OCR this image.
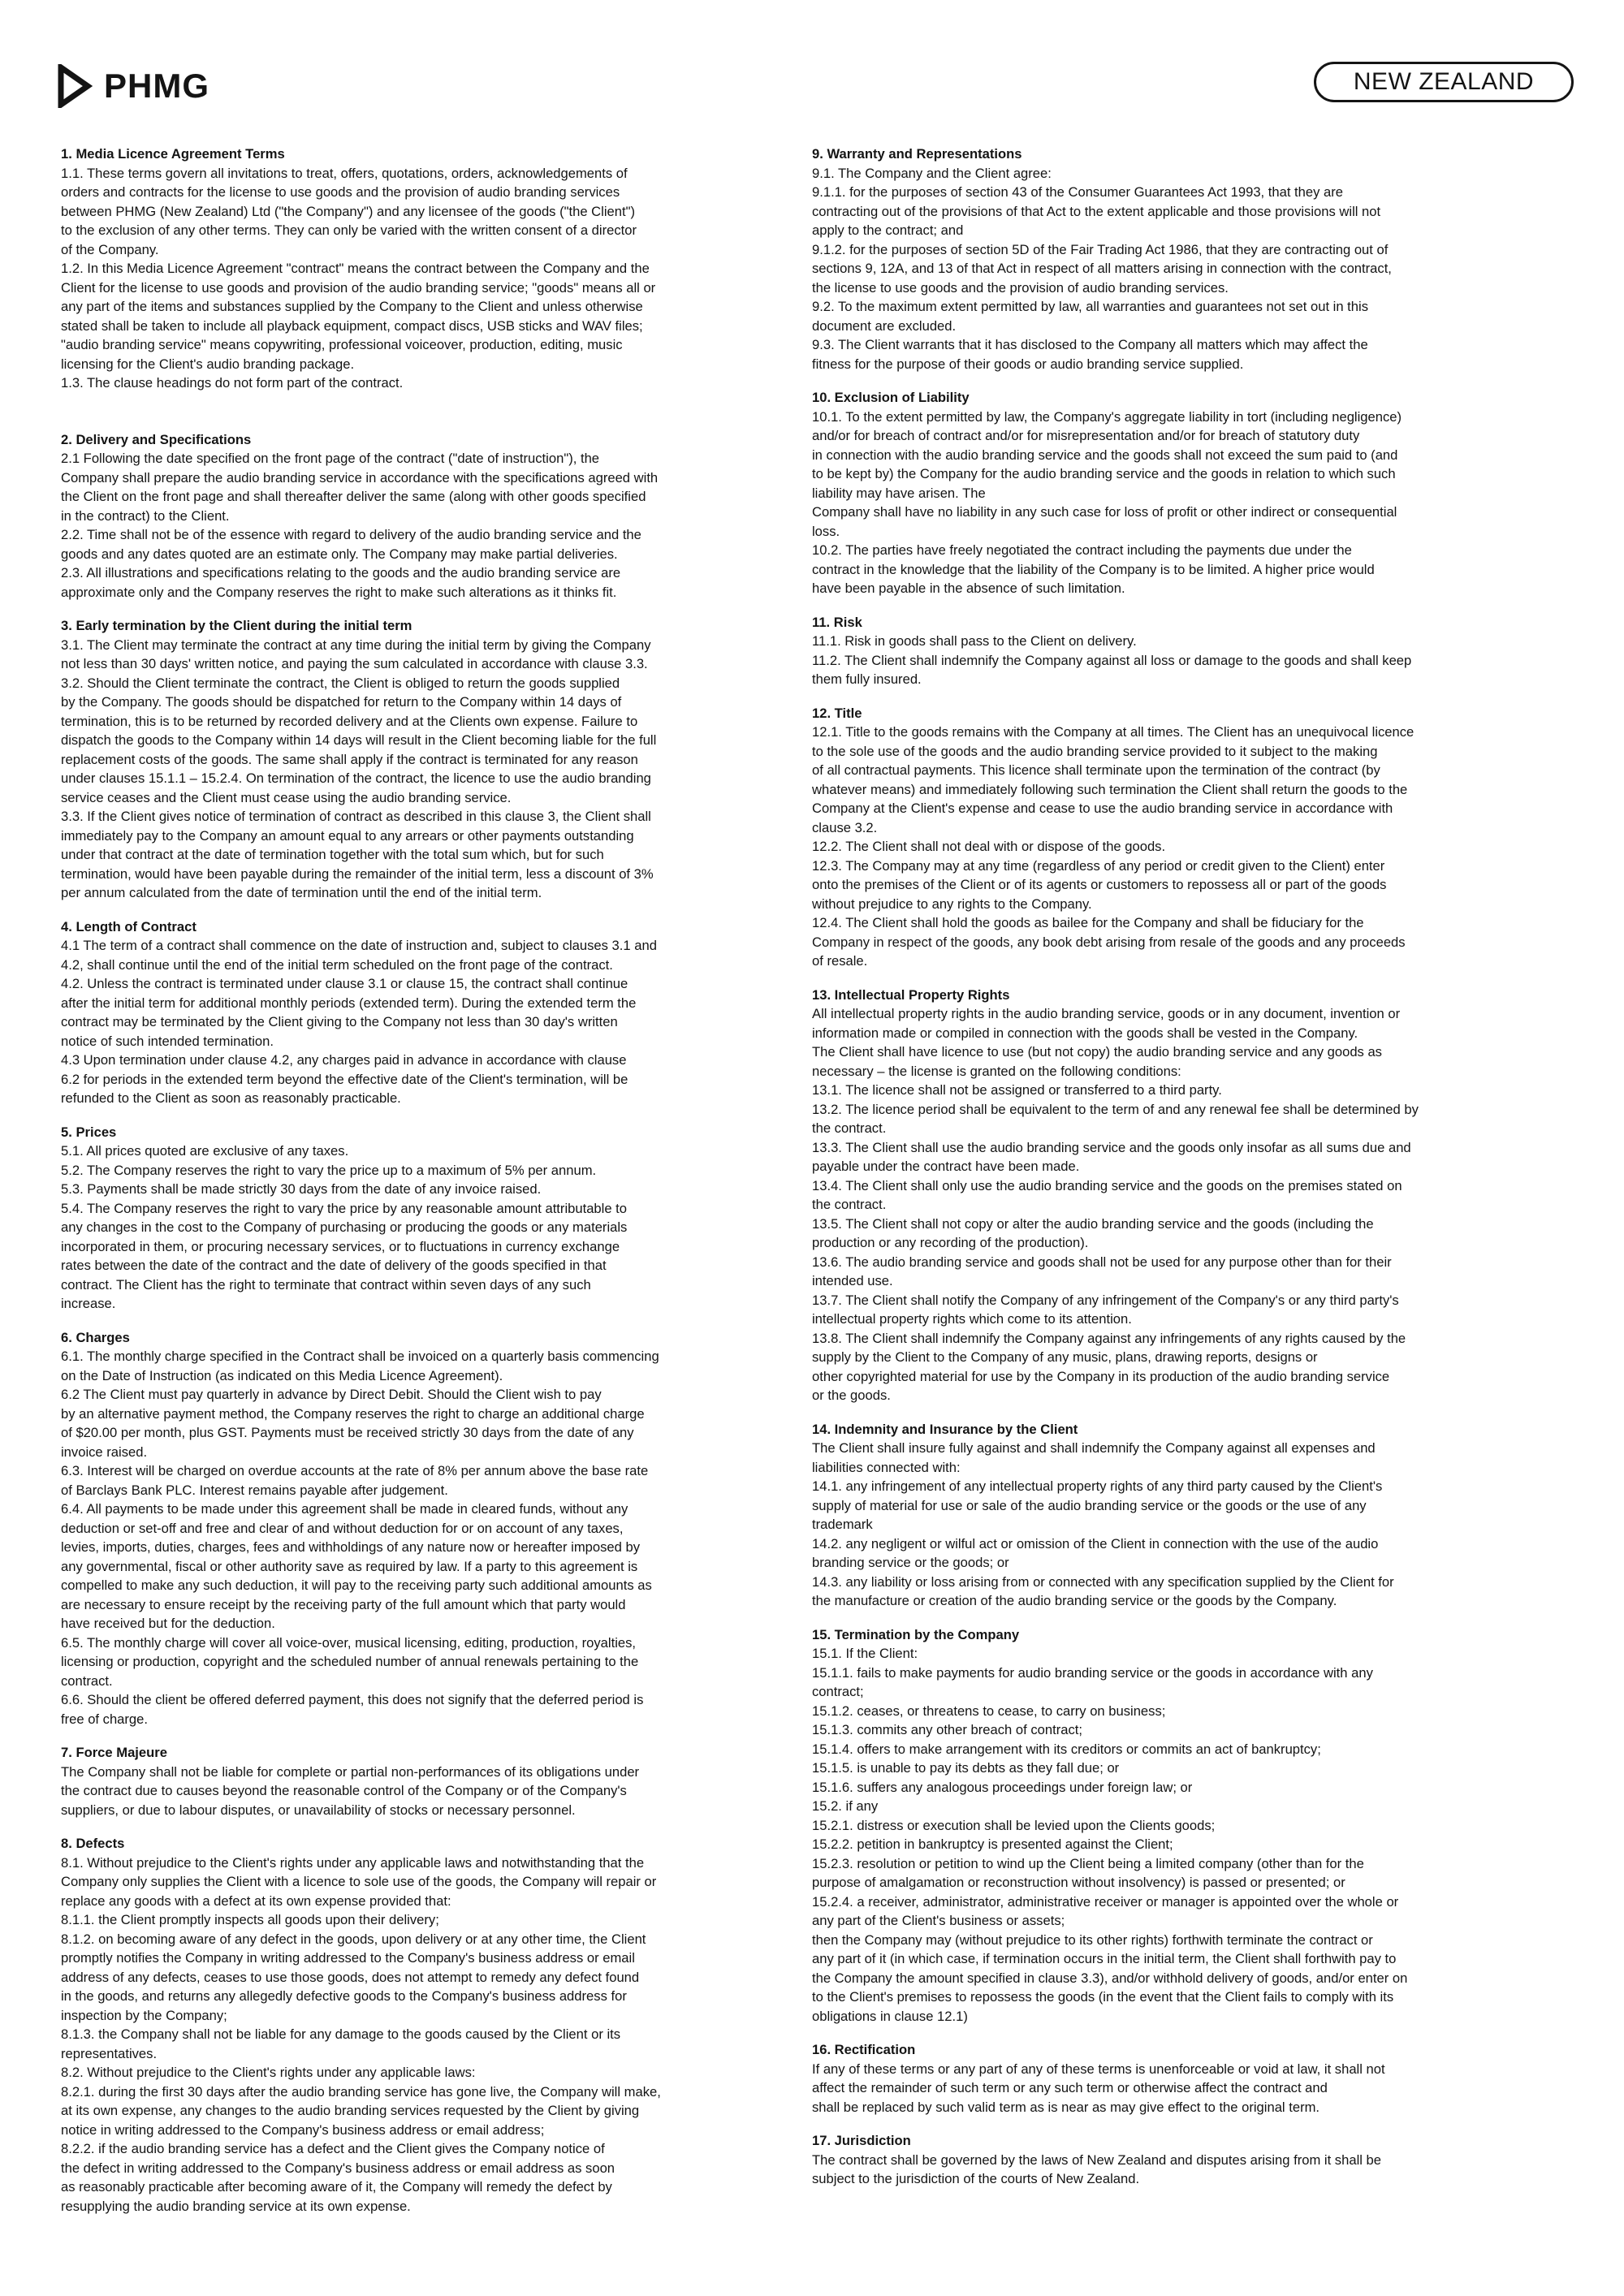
PHMG	NEW ZEALAND
1. Media Licence Agreement Terms

1.1. These terms govern all invitations to treat, offers, quotations, orders, acknowledgements of

orders and contracts for the license to use goods and the provision of audio branding services

between PHMG (New Zealand) Ltd ("the Company") and any licensee of the goods ("the Client")

to the exclusion of any other terms. They can only be varied with the written consent of a director

of the Company.

1.2. In this Media Licence Agreement "contract" means the contract between the Company and the

Client for the license to use goods and provision of the audio branding service; "goods" means all or

any part of the items and substances supplied by the Company to the Client and unless otherwise

stated shall be taken to include all playback equipment, compact discs, USB sticks and WAV files;

"audio branding service" means copywriting, professional voiceover, production, editing, music

licensing for the Client's audio branding package.

1.3. The clause headings do not form part of the contract.

2. Delivery and Specifications

2.1 Following the date specified on the front page of the contract ("date of instruction"), the

Company shall prepare the audio branding service in accordance with the specifications agreed with

the Client on the front page and shall thereafter deliver the same (along with other goods specified

in the contract) to the Client.

2.2. Time shall not be of the essence with regard to delivery of the audio branding service and the

goods and any dates quoted are an estimate only. The Company may make partial deliveries.

2.3. All illustrations and specifications relating to the goods and the audio branding service are

approximate only and the Company reserves the right to make such alterations as it thinks fit.

3. Early termination by the Client during the initial term

3.1. The Client may terminate the contract at any time during the initial term by giving the Company

not less than 30 days' written notice, and paying the sum calculated in accordance with clause 3.3.

3.2. Should the Client terminate the contract, the Client is obliged to return the goods supplied

by the Company. The goods should be dispatched for return to the Company within 14 days of

termination, this is to be returned by recorded delivery and at the Clients own expense. Failure to

dispatch the goods to the Company within 14 days will result in the Client becoming liable for the full

replacement costs of the goods. The same shall apply if the contract is terminated for any reason

under clauses 15.1.1 – 15.2.4. On termination of the contract, the licence to use the audio branding

service ceases and the Client must cease using the audio branding service.

3.3. If the Client gives notice of termination of contract as described in this clause 3, the Client shall

immediately pay to the Company an amount equal to any arrears or other payments outstanding

under that contract at the date of termination together with the total sum which, but for such

termination, would have been payable during the remainder of the initial term, less a discount of 3%

per annum calculated from the date of termination until the end of the initial term.

4. Length of Contract

4.1 The term of a contract shall commence on the date of instruction and, subject to clauses 3.1 and

4.2, shall continue until the end of the initial term scheduled on the front page of the contract.

4.2. Unless the contract is terminated under clause 3.1 or clause 15, the contract shall continue

after the initial term for additional monthly periods (extended term). During the extended term the

contract may be terminated by the Client giving to the Company not less than 30 day's written

notice of such intended termination.

4.3 Upon termination under clause 4.2, any charges paid in advance in accordance with clause

6.2 for periods in the extended term beyond the effective date of the Client's termination, will be

refunded to the Client as soon as reasonably practicable.

5. Prices

5.1. All prices quoted are exclusive of any taxes.

5.2. The Company reserves the right to vary the price up to a maximum of 5% per annum.

5.3. Payments shall be made strictly 30 days from the date of any invoice raised.

5.4. The Company reserves the right to vary the price by any reasonable amount attributable to

any changes in the cost to the Company of purchasing or producing the goods or any materials

incorporated in them, or procuring necessary services, or to fluctuations in currency exchange

rates between the date of the contract and the date of delivery of the goods specified in that

contract. The Client has the right to terminate that contract within seven days of any such

increase.

6. Charges

6.1. The monthly charge specified in the Contract shall be invoiced on a quarterly basis commencing

on the Date of Instruction (as indicated on this Media Licence Agreement).

6.2 The Client must pay quarterly in advance by Direct Debit. Should the Client wish to pay

by an alternative payment method, the Company reserves the right to charge an additional charge

of $20.00 per month, plus GST. Payments must be received strictly 30 days from the date of any

invoice raised.

6.3. Interest will be charged on overdue accounts at the rate of 8% per annum above the base rate

of Barclays Bank PLC. Interest remains payable after judgement.

6.4. All payments to be made under this agreement shall be made in cleared funds, without any

deduction or set-off and free and clear of and without deduction for or on account of any taxes,

levies, imports, duties, charges, fees and withholdings of any nature now or hereafter imposed by

any governmental, fiscal or other authority save as required by law. If a party to this agreement is

compelled to make any such deduction, it will pay to the receiving party such additional amounts as

are necessary to ensure receipt by the receiving party of the full amount which that party would

have received but for the deduction.

6.5. The monthly charge will cover all voice-over, musical licensing, editing, production, royalties,

licensing or production, copyright and the scheduled number of annual renewals pertaining to the

contract.

6.6. Should the client be offered deferred payment, this does not signify that the deferred period is

free of charge.

7. Force Majeure

The Company shall not be liable for complete or partial non-performances of its obligations under

the contract due to causes beyond the reasonable control of the Company or of the Company's

suppliers, or due to labour disputes, or unavailability of stocks or necessary personnel.

8. Defects

8.1. Without prejudice to the Client's rights under any applicable laws and notwithstanding that the

Company only supplies the Client with a licence to sole use of the goods, the Company will repair or

replace any goods with a defect at its own expense provided that:

8.1.1. the Client promptly inspects all goods upon their delivery;

8.1.2. on becoming aware of any defect in the goods, upon delivery or at any other time, the Client

promptly notifies the Company in writing addressed to the Company's business address or email

address of any defects, ceases to use those goods, does not attempt to remedy any defect found

in the goods, and returns any allegedly defective goods to the Company's business address for

inspection by the Company;

8.1.3. the Company shall not be liable for any damage to the goods caused by the Client or its

representatives.

8.2. Without prejudice to the Client's rights under any applicable laws:

8.2.1. during the first 30 days after the audio branding service has gone live, the Company will make,

at its own expense, any changes to the audio branding services requested by the Client by giving

notice in writing addressed to the Company's business address or email address;

8.2.2. if the audio branding service has a defect and the Client gives the Company notice of

the defect in writing addressed to the Company's business address or email address as soon

as reasonably practicable after becoming aware of it, the Company will remedy the defect by

resupplying the audio branding service at its own expense.

9. Warranty and Representations

9.1. The Company and the Client agree:

9.1.1. for the purposes of section 43 of the Consumer Guarantees Act 1993, that they are

contracting out of the provisions of that Act to the extent applicable and those provisions will not

apply to the contract; and

9.1.2. for the purposes of section 5D of the Fair Trading Act 1986, that they are contracting out of

sections 9, 12A, and 13 of that Act in respect of all matters arising in connection with the contract,

the license to use goods and the provision of audio branding services.

9.2. To the maximum extent permitted by law, all warranties and guarantees not set out in this

document are excluded.

9.3. The Client warrants that it has disclosed to the Company all matters which may affect the

fitness for the purpose of their goods or audio branding service supplied.

10. Exclusion of Liability

10.1. To the extent permitted by law, the Company's aggregate liability in tort (including negligence)

and/or for breach of contract and/or for misrepresentation and/or for breach of statutory duty

in connection with the audio branding service and the goods shall not exceed the sum paid to (and

to be kept by) the Company for the audio branding service and the goods in relation to which such

liability may have arisen. The

Company shall have no liability in any such case for loss of profit or other indirect or consequential

loss.

10.2. The parties have freely negotiated the contract including the payments due under the

contract in the knowledge that the liability of the Company is to be limited. A higher price would

have been payable in the absence of such limitation.

11. Risk

11.1. Risk in goods shall pass to the Client on delivery.

11.2. The Client shall indemnify the Company against all loss or damage to the goods and shall keep

them fully insured.

12. Title

12.1. Title to the goods remains with the Company at all times. The Client has an unequivocal licence

to the sole use of the goods and the audio branding service provided to it subject to the making

of all contractual payments. This licence shall terminate upon the termination of the contract (by

whatever means) and immediately following such termination the Client shall return the goods to the

Company at the Client's expense and cease to use the audio branding service in accordance with

clause 3.2.

12.2. The Client shall not deal with or dispose of the goods.

12.3. The Company may at any time (regardless of any period or credit given to the Client) enter

onto the premises of the Client or of its agents or customers to repossess all or part of the goods

without prejudice to any rights to the Company.

12.4. The Client shall hold the goods as bailee for the Company and shall be fiduciary for the

Company in respect of the goods, any book debt arising from resale of the goods and any proceeds

of resale.

13. Intellectual Property Rights

All intellectual property rights in the audio branding service, goods or in any document, invention or

information made or compiled in connection with the goods shall be vested in the Company.

The Client shall have licence to use (but not copy) the audio branding service and any goods as

necessary – the license is granted on the following conditions:

13.1. The licence shall not be assigned or transferred to a third party.

13.2. The licence period shall be equivalent to the term of and any renewal fee shall be determined by

the contract.

13.3. The Client shall use the audio branding service and the goods only insofar as all sums due and

payable under the contract have been made.

13.4. The Client shall only use the audio branding service and the goods on the premises stated on

the contract.

13.5. The Client shall not copy or alter the audio branding service and the goods (including the

production or any recording of the production).

13.6. The audio branding service and goods shall not be used for any purpose other than for their

intended use.

13.7. The Client shall notify the Company of any infringement of the Company's or any third party's

intellectual property rights which come to its attention.

13.8. The Client shall indemnify the Company against any infringements of any rights caused by the

supply by the Client to the Company of any music, plans, drawing reports, designs or

other copyrighted material for use by the Company in its production of the audio branding service

or the goods.

14. Indemnity and Insurance by the Client

The Client shall insure fully against and shall indemnify the Company against all expenses and

liabilities connected with:

14.1. any infringement of any intellectual property rights of any third party caused by the Client's

supply of material for use or sale of the audio branding service or the goods or the use of any

trademark

14.2. any negligent or wilful act or omission of the Client in connection with the use of the audio

branding service or the goods; or

14.3. any liability or loss arising from or connected with any specification supplied by the Client for

the manufacture or creation of the audio branding service or the goods by the Company.

15. Termination by the Company

15.1. If the Client:

15.1.1. fails to make payments for audio branding service or the goods in accordance with any

contract;

15.1.2. ceases, or threatens to cease, to carry on business;

15.1.3. commits any other breach of contract;

15.1.4. offers to make arrangement with its creditors or commits an act of bankruptcy;

15.1.5. is unable to pay its debts as they fall due; or

15.1.6. suffers any analogous proceedings under foreign law; or

15.2. if any

15.2.1. distress or execution shall be levied upon the Clients goods;

15.2.2. petition in bankruptcy is presented against the Client;

15.2.3. resolution or petition to wind up the Client being a limited company (other than for the

purpose of amalgamation or reconstruction without insolvency) is passed or presented; or

15.2.4. a receiver, administrator, administrative receiver or manager is appointed over the whole or

any part of the Client's business or assets;

then the Company may (without prejudice to its other rights) forthwith terminate the contract or

any part of it (in which case, if termination occurs in the initial term, the Client shall forthwith pay to

the Company the amount specified in clause 3.3), and/or withhold delivery of goods, and/or enter on

to the Client's premises to repossess the goods (in the event that the Client fails to comply with its

obligations in clause 12.1)

16. Rectification

If any of these terms or any part of any of these terms is unenforceable or void at law, it shall not

affect the remainder of such term or any such term or otherwise affect the contract and

shall be replaced by such valid term as is near as may give effect to the original term.

17. Jurisdiction

The contract shall be governed by the laws of New Zealand and disputes arising from it shall be

subject to the jurisdiction of the courts of New Zealand.
